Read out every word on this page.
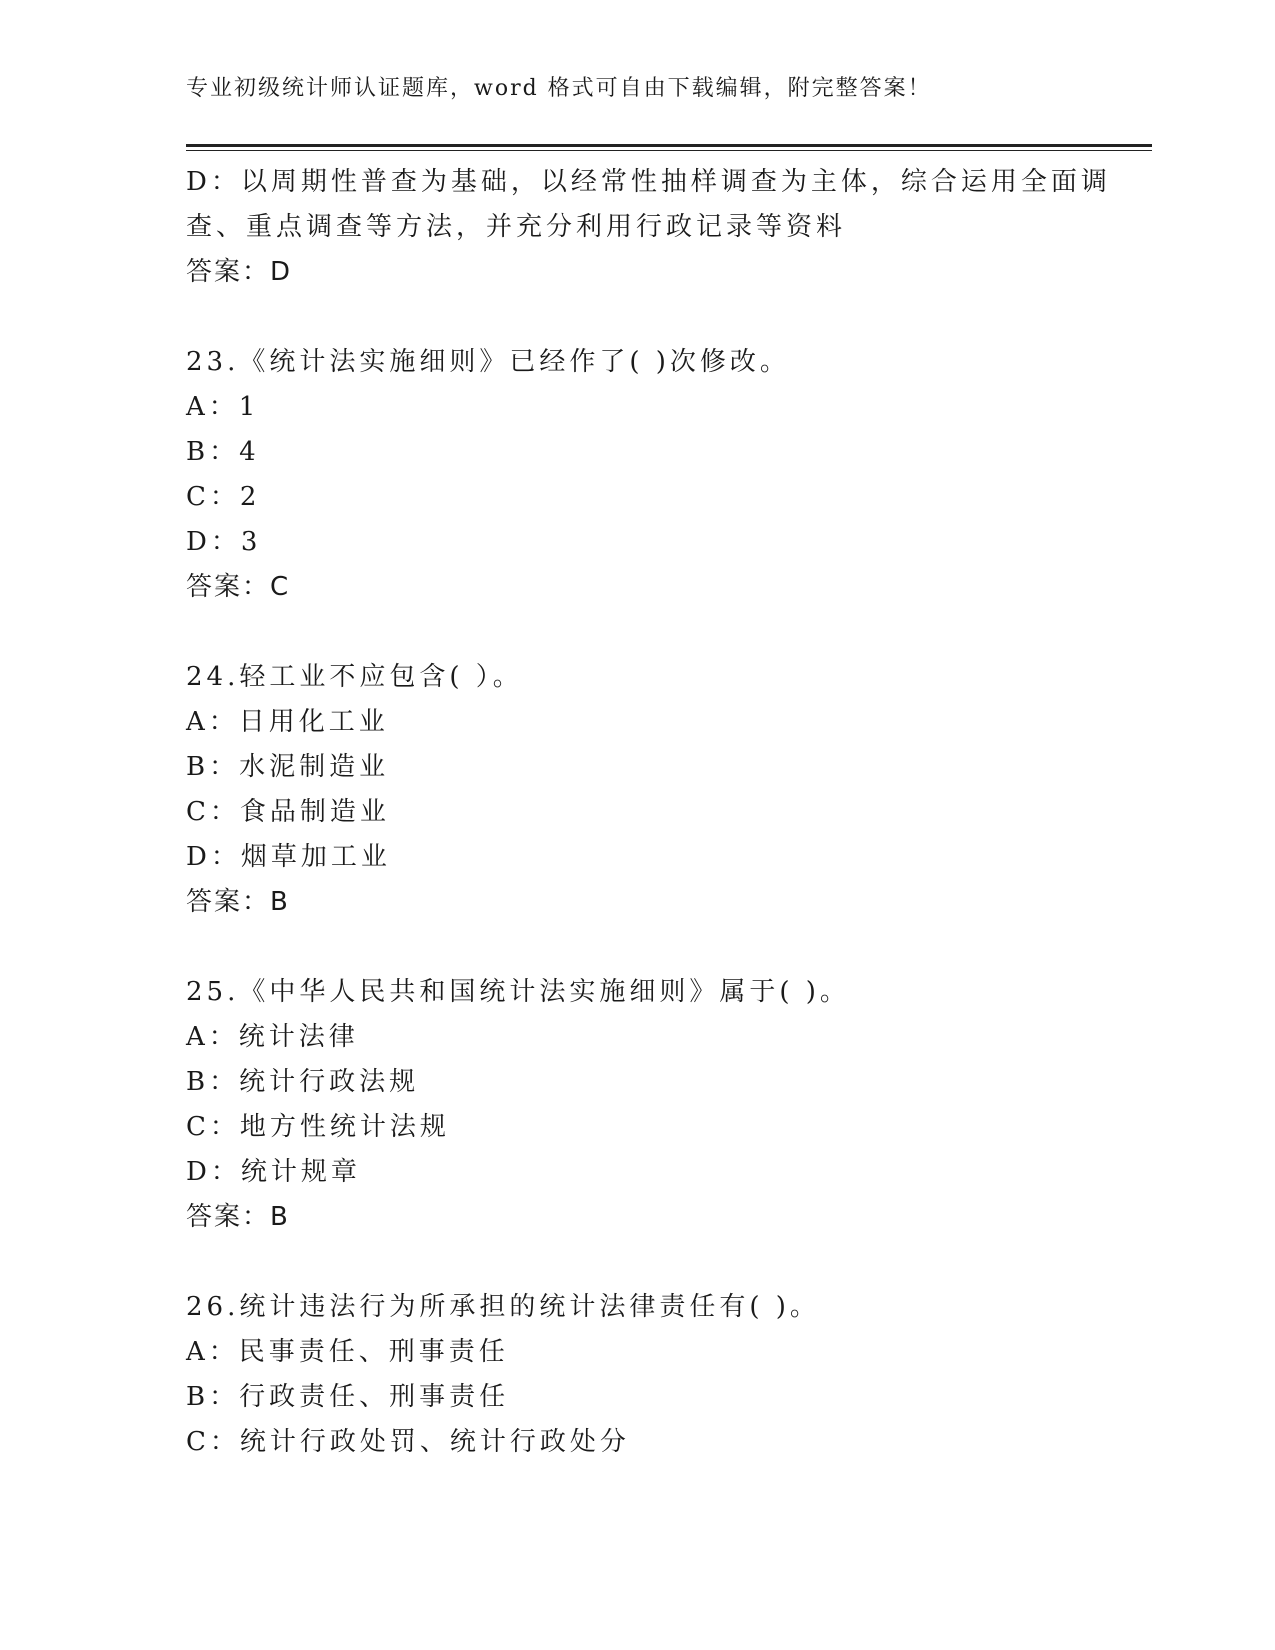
专业初级统计师认证题库，word 格式可自由下载编辑，附完整答案！
D：以周期性普查为基础，以经常性抽样调查为主体，综合运用全面调
查、重点调查等方法，并充分利用行政记录等资料
答案：D
23.《统计法实施细则》已经作了( )次修改。
A：1
B：4
C：2
D：3
答案：C
24.轻工业不应包含( ）。
A：日用化工业
B：水泥制造业
C：食品制造业
D：烟草加工业
答案：B
25.《中华人民共和国统计法实施细则》属于( )。
A：统计法律
B：统计行政法规
C：地方性统计法规
D：统计规章
答案：B
26.统计违法行为所承担的统计法律责任有( )。
A：民事责任、刑事责任
B：行政责任、刑事责任
C：统计行政处罚、统计行政处分
